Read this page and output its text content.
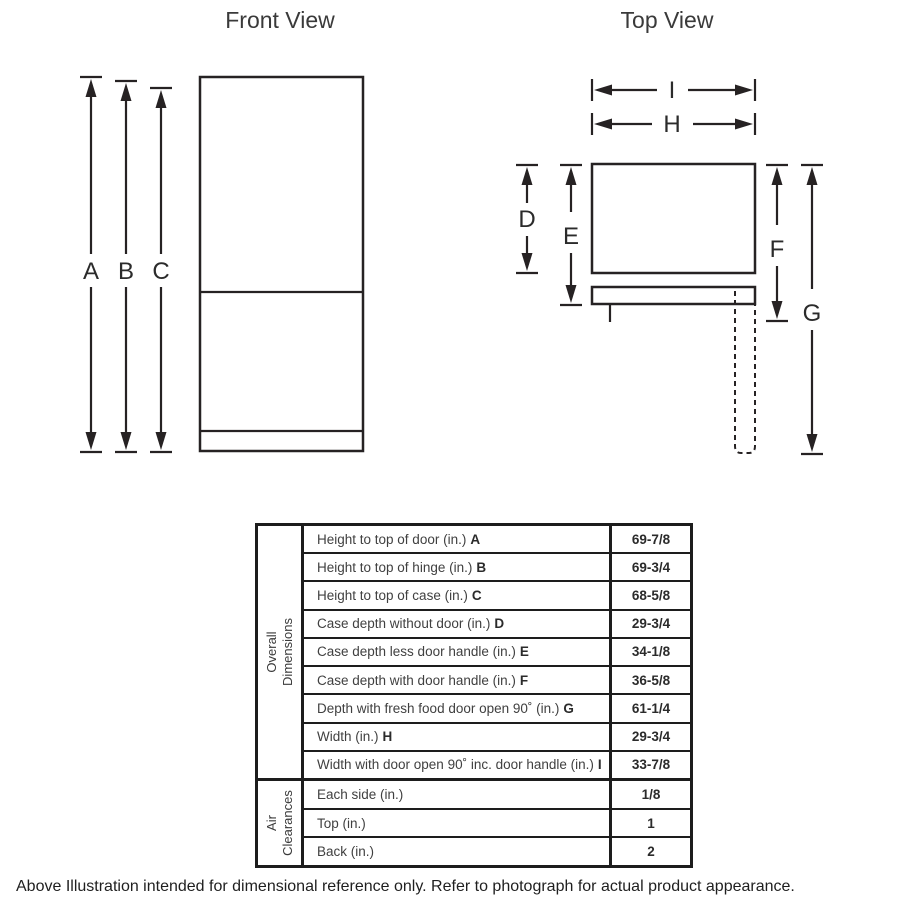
Front View
A B C
Top View
I
H
D
E	F
G
Overall Dimensions
Height to top of door (in.) A	69-7/8
Height to top of hinge (in.) B	69-3/4
Height to top of case (in.) C	68-5/8
Case depth without door (in.) D	29-3/4
Case depth less door handle (in.) E	34-1/8
Case depth with door handle (in.) F	36-5/8
Depth with fresh food door open 90˚ (in.) G	61-1/4
Width (in.) H	29-3/4
Width with door open 90˚ inc. door handle (in.) I	33-7/8
Air Clearances Each side (in.)	1/8
Top (in.)	1
Back (in.)	2
Above Illustration intended for dimensional reference only. Refer to photograph for actual product appearance.
